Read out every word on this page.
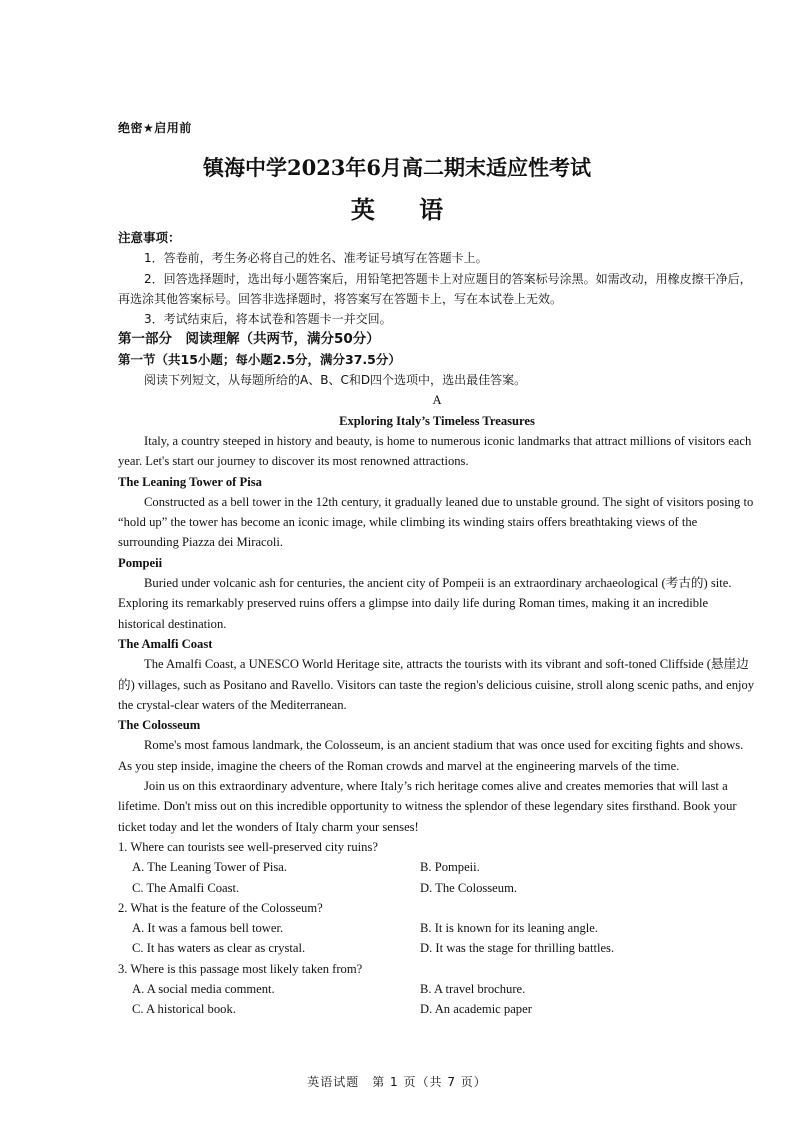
绝密★启用前
镇海中学2023年6月高二期末适应性考试
英 语

注意事项：

1．答卷前，考生务必将自己的姓名、准考证号填写在答题卡上。

2．回答选择题时，选出每小题答案后，用铅笔把答题卡上对应题目的答案标号涂黑。如需改动，用橡皮擦干净后，再选涂其他答案标号。回答非选择题时，将答案写在答题卡上，写在本试卷上无效。

3．考试结束后，将本试卷和答题卡一并交回。

第一部分　阅读理解（共两节，满分50分）

第一节（共15小题；每小题2.5分，满分37.5分）

阅读下列短文，从每题所给的A、B、C和D四个选项中，选出最佳答案。

A

Exploring Italy’s Timeless Treasures

Italy, a country steeped in history and beauty, is home to numerous iconic landmarks that attract millions of visitors each year. Let's start our journey to discover its most renowned attractions.

The Leaning Tower of Pisa

Constructed as a bell tower in the 12th century, it gradually leaned due to unstable ground. The sight of visitors posing to “hold up” the tower has become an iconic image, while climbing its winding stairs offers breathtaking views of the surrounding Piazza dei Miracoli.

Pompeii

Buried under volcanic ash for centuries, the ancient city of Pompeii is an extraordinary archaeological (考古的) site. Exploring its remarkably preserved ruins offers a glimpse into daily life during Roman times, making it an incredible historical destination.

The Amalfi Coast

The Amalfi Coast, a UNESCO World Heritage site, attracts the tourists with its vibrant and soft-toned Cliffside (悬崖边的) villages, such as Positano and Ravello. Visitors can taste the region's delicious cuisine, stroll along scenic paths, and enjoy the crystal-clear waters of the Mediterranean.

The Colosseum

Rome's most famous landmark, the Colosseum, is an ancient stadium that was once used for exciting fights and shows. As you step inside, imagine the cheers of the Roman crowds and marvel at the engineering marvels of the time.

Join us on this extraordinary adventure, where Italy’s rich heritage comes alive and creates memories that will last a lifetime. Don't miss out on this incredible opportunity to witness the splendor of these legendary sites firsthand. Book your ticket today and let the wonders of Italy charm your senses!

1. Where can tourists see well-preserved city ruins?

A. The Leaning Tower of Pisa.	B. Pompeii.
C. The Amalfi Coast.	D. The Colosseum.

2. What is the feature of the Colosseum?

A. It was a famous bell tower.	B. It is known for its leaning angle.
C. It has waters as clear as crystal.	D. It was the stage for thrilling battles.

3. Where is this passage most likely taken from?

A. A social media comment.	B. A travel brochure.
C. A historical book.	D. An academic paper
英语试题　第 1 页（共 7 页）
